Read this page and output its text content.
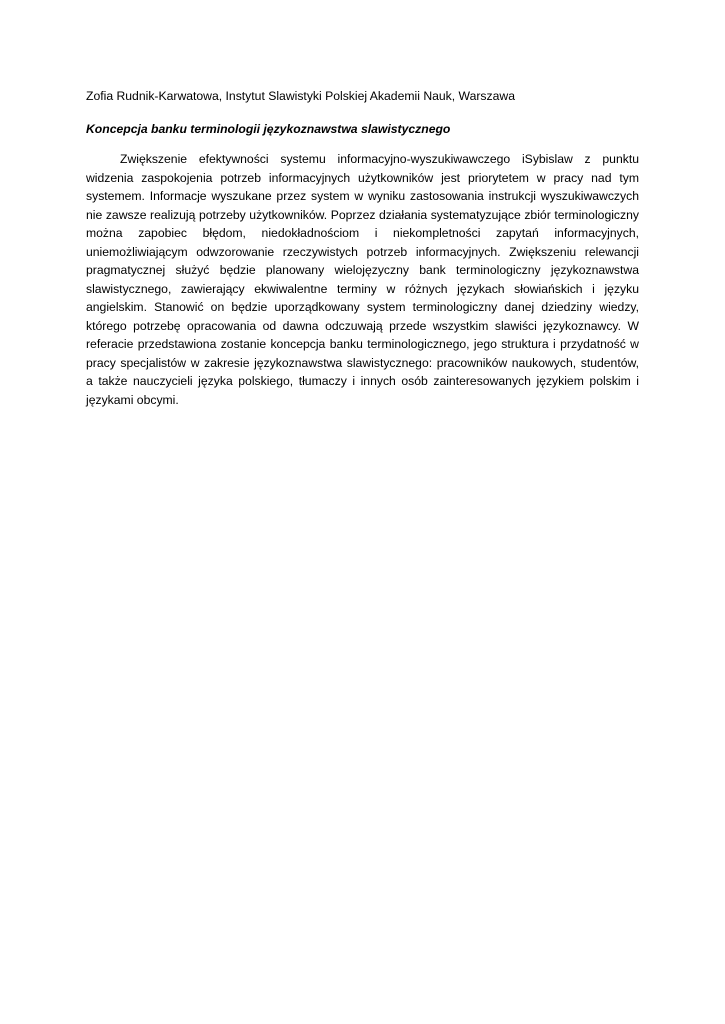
Zofia Rudnik-Karwatowa, Instytut Slawistyki Polskiej Akademii Nauk, Warszawa

Koncepcja banku terminologii językoznawstwa slawistycznego

Zwiększenie efektywności systemu informacyjno-wyszukiwawczego iSybislaw z punktu widzenia zaspokojenia potrzeb informacyjnych użytkowników jest priorytetem w pracy nad tym systemem. Informacje wyszukane przez system w wyniku zastosowania instrukcji wyszukiwawczych nie zawsze realizują potrzeby użytkowników. Poprzez działania systematyzujące zbiór terminologiczny można zapobiec błędom, niedokładnościom i niekompletności zapytań informacyjnych, uniemożliwiającym odwzorowanie rzeczywistych potrzeb informacyjnych. Zwiększeniu relewancji pragmatycznej służyć będzie planowany wielojęzyczny bank terminologiczny językoznawstwa slawistycznego, zawierający ekwiwalentne terminy w różnych językach słowiańskich i języku angielskim. Stanowić on będzie uporządkowany system terminologiczny danej dziedziny wiedzy, którego potrzebę opracowania od dawna odczuwają przede wszystkim slawiści językoznawcy. W referacie przedstawiona zostanie koncepcja banku terminologicznego, jego struktura i przydatność w pracy specjalistów w zakresie językoznawstwa slawistycznego: pracowników naukowych, studentów, a także nauczycieli języka polskiego, tłumaczy i innych osób zainteresowanych językiem polskim i językami obcymi.
